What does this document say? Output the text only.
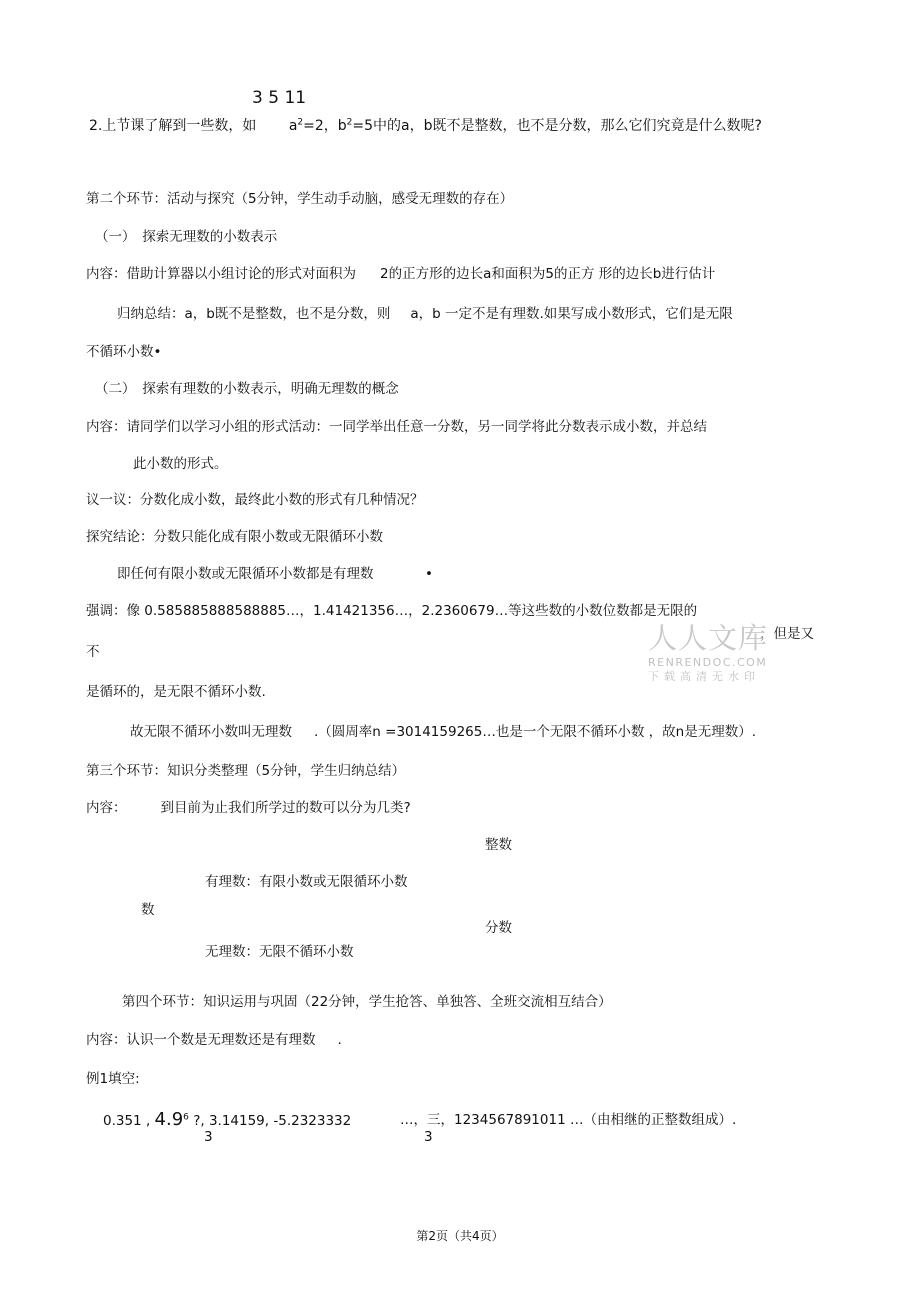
3 5 11
2.上节课了解到一些数，如 $a^2=2$，$b^2=5$中的a，b既不是整数，也不是分数，那么它们究竟是什么数呢?
第二个环节：活动与探究（5分钟，学生动手动脑，感受无理数的存在）
（一）　探索无理数的小数表示
内容：借助计算器以小组讨论的形式对面积为 2的正方形的边长a和面积为5的正方 形的边长b进行估计
归纳总结：a，b既不是整数，也不是分数，则 a，b 一定不是有理数.如果写成小数形式，它们是无限
不循环小数•
（二）　探索有理数的小数表示，明确无理数的概念
内容：请同学们以学习小组的形式活动：一同学举出任意一分数，另一同学将此分数表示成小数，并总结
此小数的形式。
议一议：分数化成小数，最终此小数的形式有几种情况？
探究结论：分数只能化成有限小数或无限循环小数
即任何有限小数或无限循环小数都是有理数	•
强调：像 0.585885888588885…，1.41421356…，2.2360679…等这些数的小数位数都是无限的
，但是又
不
是循环的，是无限不循环小数.
人人文库
RENRENDOC.COM
下载高清无水印
故无限不循环小数叫无理数 .（圆周率n =3014159265…也是一个无限不循环小数 ，故n是无理数）.
第三个环节：知识分类整理（5分钟，学生归纳总结）
内容：	到目前为止我们所学过的数可以分为几类?
整数
有理数：有限小数或无限循环小数
数
分数
无理数：无限不循环小数
第四个环节：知识运用与巩固（22分钟，学生抢答、单独答、全班交流相互结合）
内容：认识一个数是无理数还是有理数 .
例1填空:
0.351 , $4.9^6$ ?, 3.14159, -5.2323332	…，三，1234567891011 …（由相继的正整数组成）.
3	3
第2页（共4页）
